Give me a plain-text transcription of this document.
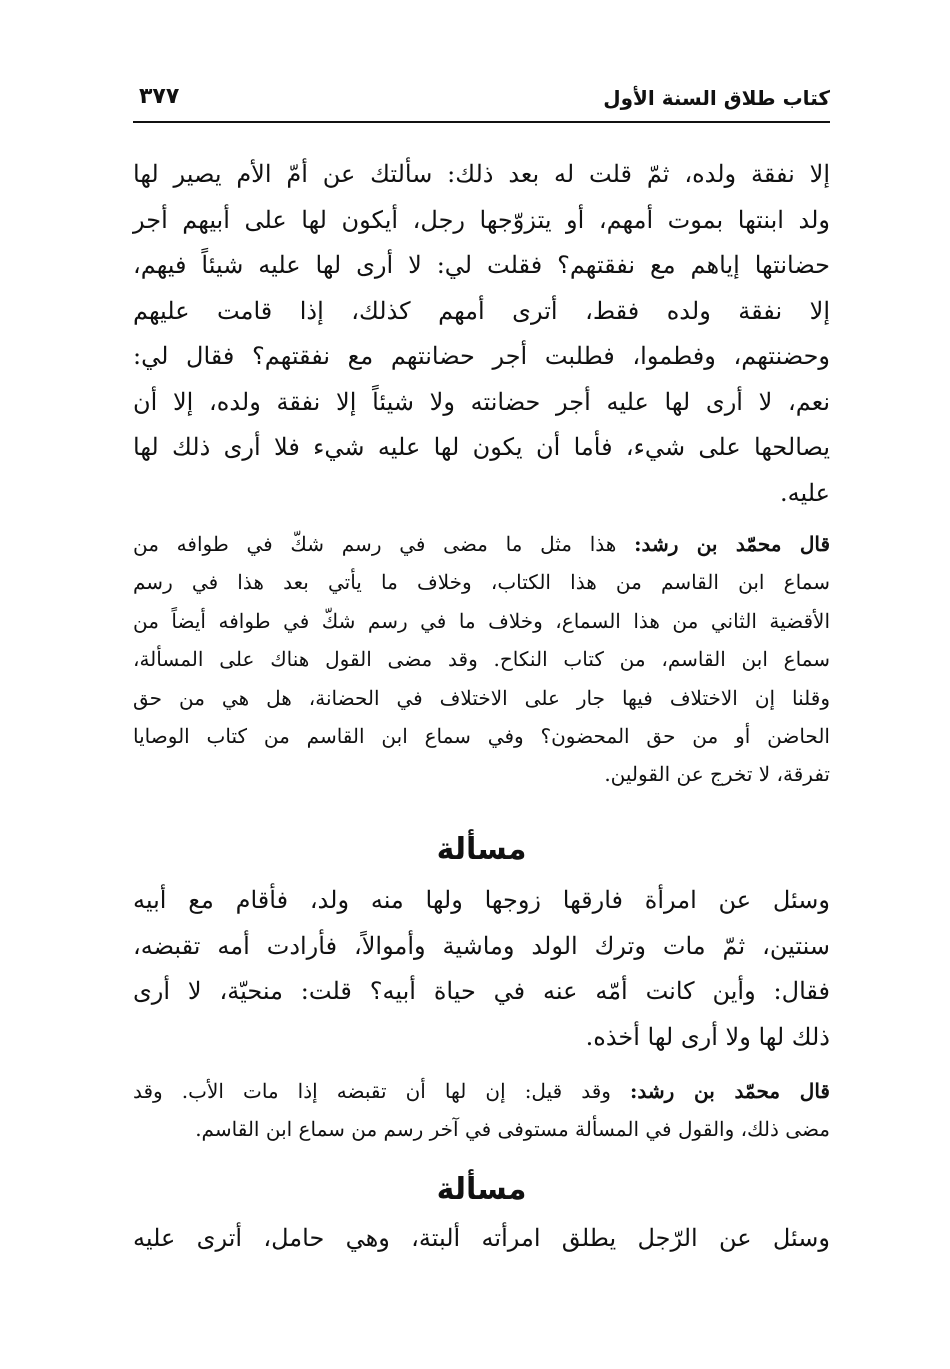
كتاب طلاق السنة الأول
٣٧٧
إلا نفقة ولده، ثمّ قلت له بعد ذلك: سألتك عن أمّ الأم يصير لها
ولد ابنتها بموت أمهم، أو يتزوّجها رجل، أيكون لها على أبيهم أجر
حضانتها إياهم مع نفقتهم؟ فقلت لي: لا أرى لها عليه شيئاً فيهم،
إلا نفقة ولده فقط، أترى أمهم كذلك، إذا قامت عليهم
وحضنتهم، وفطموا، فطلبت أجر حضانتهم مع نفقتهم؟ فقال لي:
نعم، لا أرى لها عليه أجر حضانته ولا شيئاً إلا نفقة ولده، إلا أن
يصالحها على شيء، فأما أن يكون لها عليه شيء فلا أرى ذلك لها
عليه.
قال محمّد بن رشد: هذا مثل ما مضى في رسم شكّ في طوافه من
سماع ابن القاسم من هذا الكتاب، وخلاف ما يأتي بعد هذا في رسم
الأقضية الثاني من هذا السماع، وخلاف ما في رسم شكّ في طوافه أيضاً من
سماع ابن القاسم، من كتاب النكاح. وقد مضى القول هناك على المسألة،
وقلنا إن الاختلاف فيها جار على الاختلاف في الحضانة، هل هي من حق
الحاضن أو من حق المحضون؟ وفي سماع ابن القاسم من كتاب الوصايا
تفرقة، لا تخرج عن القولين.
مسألة
وسئل عن امرأة فارقها زوجها ولها منه ولد، فأقام مع أبيه
سنتين، ثمّ مات وترك الولد وماشية وأموالاً، فأرادت أمه تقبضه،
فقال: وأين كانت أمّه عنه في حياة أبيه؟ قلت: منحيّة، لا أرى
ذلك لها ولا أرى لها أخذه.
قال محمّد بن رشد: وقد قيل: إن لها أن تقبضه إذا مات الأب. وقد
مضى ذلك، والقول في المسألة مستوفى في آخر رسم من سماع ابن القاسم.
مسألة
وسئل عن الرّجل يطلق امرأته ألبتة، وهي حامل، أترى عليه
